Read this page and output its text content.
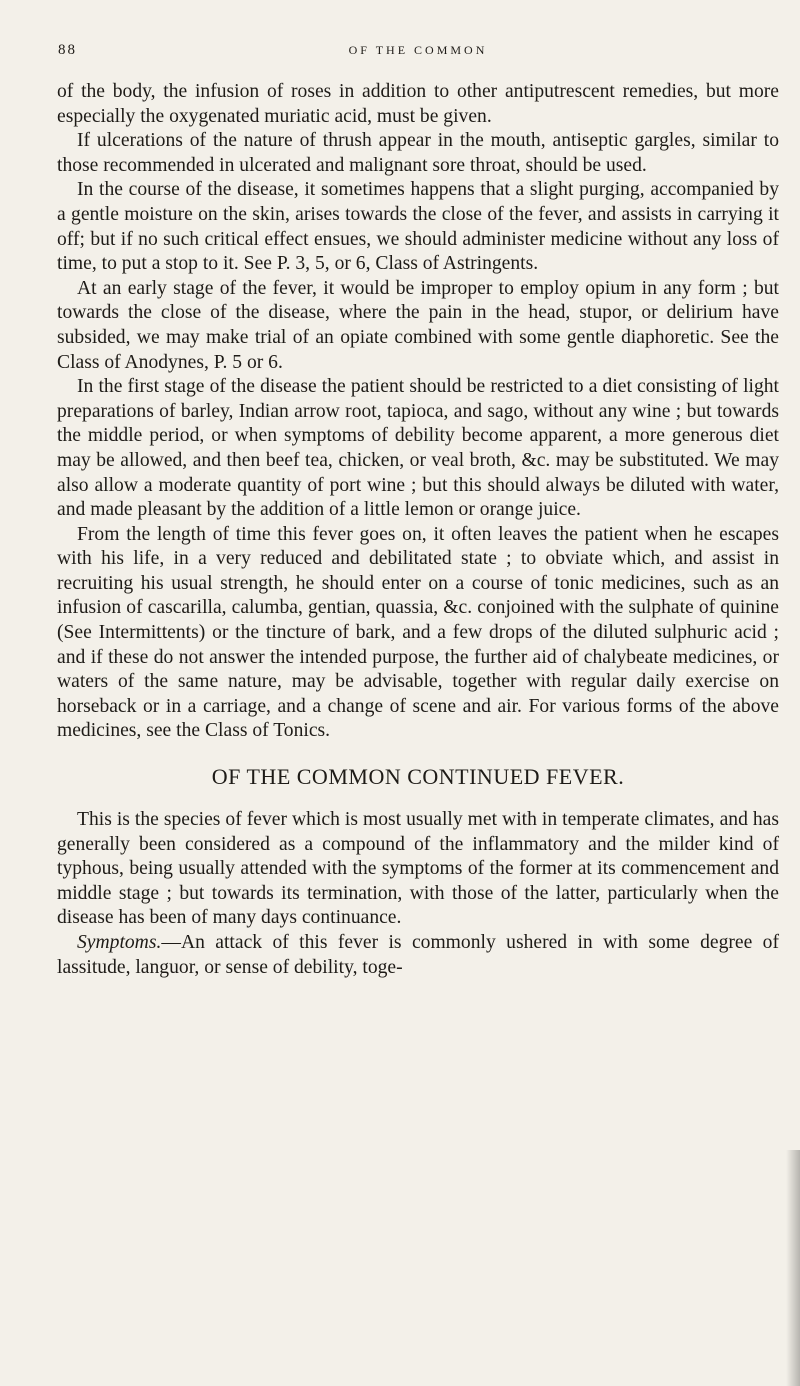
88	OF THE COMMON

of the body, the infusion of roses in addition to other antiputrescent remedies, but more especially the oxygenated muriatic acid, must be given.

If ulcerations of the nature of thrush appear in the mouth, antiseptic gargles, similar to those recommended in ulcerated and malignant sore throat, should be used.

In the course of the disease, it sometimes happens that a slight purging, accompanied by a gentle moisture on the skin, arises towards the close of the fever, and assists in carrying it off; but if no such critical effect ensues, we should administer medicine without any loss of time, to put a stop to it. See P. 3, 5, or 6, Class of Astringents.

At an early stage of the fever, it would be improper to employ opium in any form ; but towards the close of the disease, where the pain in the head, stupor, or delirium have subsided, we may make trial of an opiate combined with some gentle diaphoretic. See the Class of Anodynes, P. 5 or 6.

In the first stage of the disease the patient should be restricted to a diet consisting of light preparations of barley, Indian arrow root, tapioca, and sago, without any wine ; but towards the middle period, or when symptoms of debility become apparent, a more generous diet may be allowed, and then beef tea, chicken, or veal broth, &c. may be substituted. We may also allow a moderate quantity of port wine ; but this should always be diluted with water, and made pleasant by the addition of a little lemon or orange juice.

From the length of time this fever goes on, it often leaves the patient when he escapes with his life, in a very reduced and debilitated state ; to obviate which, and assist in recruiting his usual strength, he should enter on a course of tonic medicines, such as an infusion of cascarilla, calumba, gentian, quassia, &c. conjoined with the sulphate of quinine (See Intermittents) or the tincture of bark, and a few drops of the diluted sulphuric acid ; and if these do not answer the intended purpose, the further aid of chalybeate medicines, or waters of the same nature, may be advisable, together with regular daily exercise on horseback or in a carriage, and a change of scene and air. For various forms of the above medicines, see the Class of Tonics.

OF THE COMMON CONTINUED FEVER.

This is the species of fever which is most usually met with in temperate climates, and has generally been considered as a compound of the inflammatory and the milder kind of typhous, being usually attended with the symptoms of the former at its commencement and middle stage ; but towards its termination, with those of the latter, particularly when the disease has been of many days continuance.

Symptoms.—An attack of this fever is commonly ushered in with some degree of lassitude, languor, or sense of debility, toge-
